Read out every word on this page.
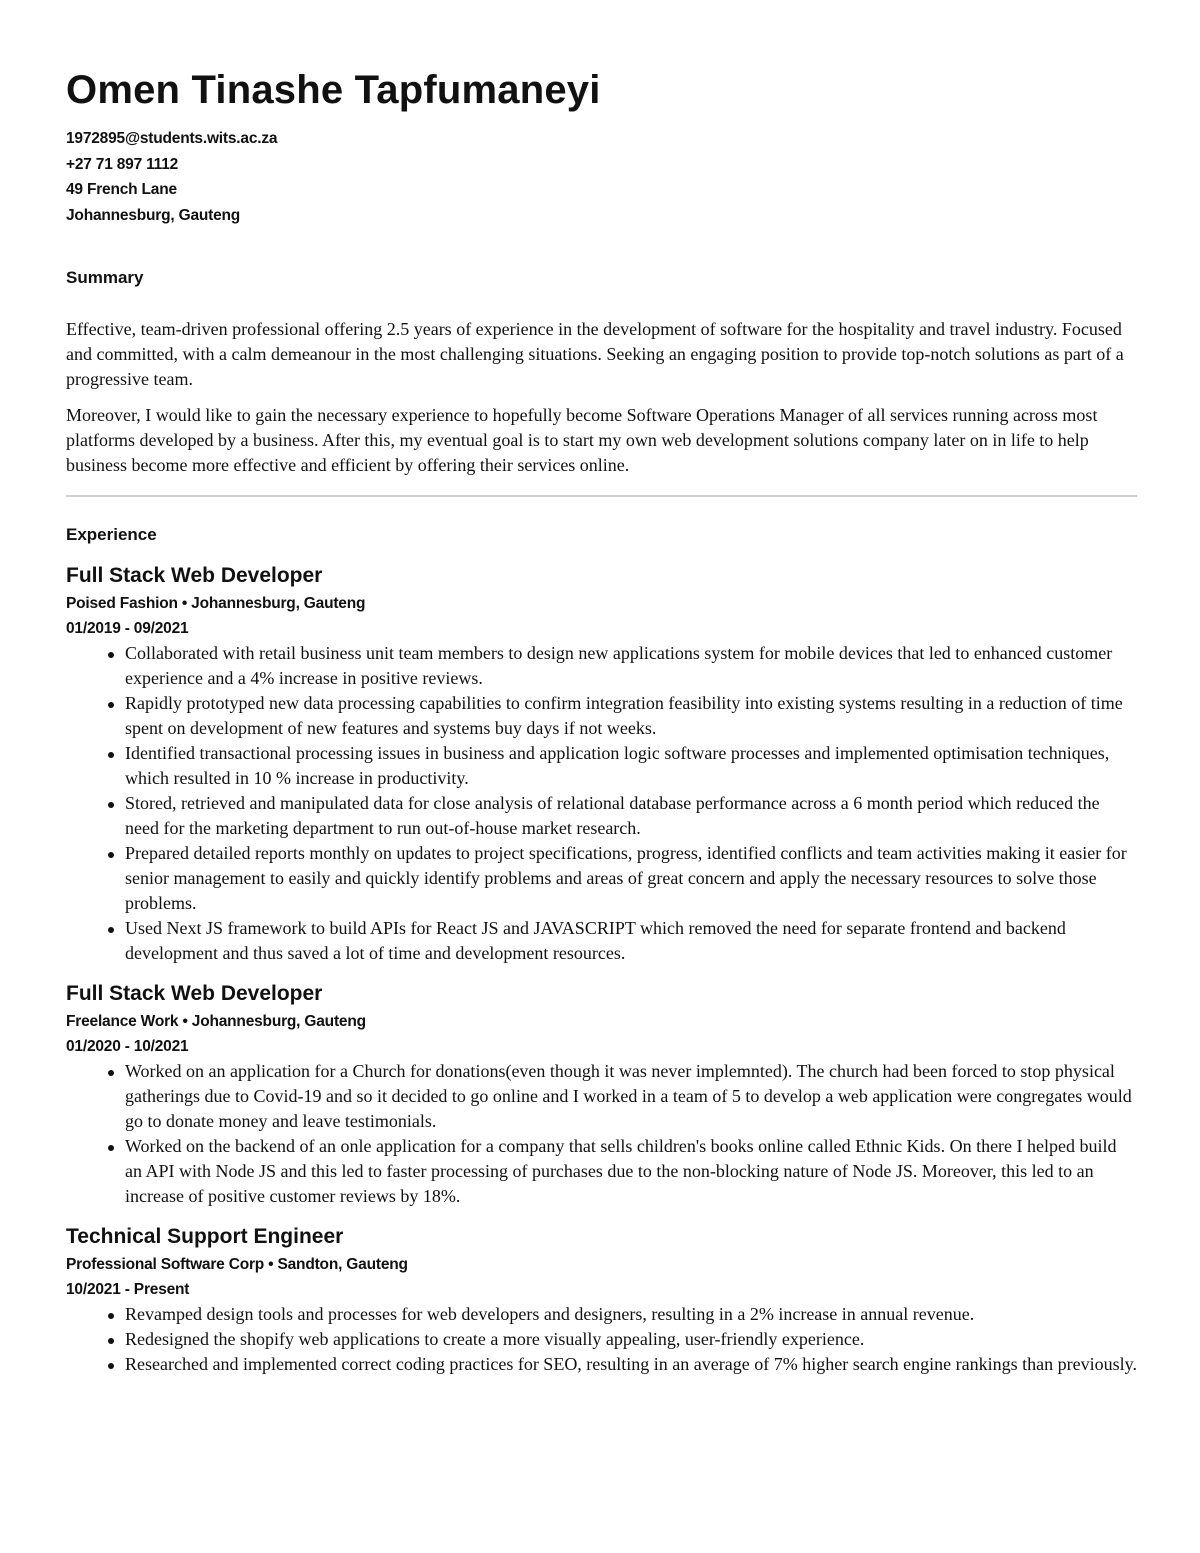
Omen Tinashe Tapfumaneyi
1972895@students.wits.ac.za
+27 71 897 1112
49 French Lane
Johannesburg, Gauteng
Summary

Effective, team-driven professional offering 2.5 years of experience in the development of software for the hospitality and travel industry. Focused and committed, with a calm demeanour in the most challenging situations. Seeking an engaging position to provide top-notch solutions as part of a progressive team.

Moreover, I would like to gain the necessary experience to hopefully become Software Operations Manager of all services running across most platforms developed by a business. After this, my eventual goal is to start my own web development solutions company later on in life to help business become more effective and efficient by offering their services online.

Experience
Full Stack Web Developer
Poised Fashion • Johannesburg, Gauteng
01/2019 - 09/2021
Collaborated with retail business unit team members to design new applications system for mobile devices that led to enhanced customer experience and a 4% increase in positive reviews.
Rapidly prototyped new data processing capabilities to confirm integration feasibility into existing systems resulting in a reduction of time spent on development of new features and systems buy days if not weeks.
Identified transactional processing issues in business and application logic software processes and implemented optimisation techniques, which resulted in 10 % increase in productivity.
Stored, retrieved and manipulated data for close analysis of relational database performance across a 6 month period which reduced the need for the marketing department to run out-of-house market research.
Prepared detailed reports monthly on updates to project specifications, progress, identified conflicts and team activities making it easier for senior management to easily and quickly identify problems and areas of great concern and apply the necessary resources to solve those problems.
Used Next JS framework to build APIs for React JS and JAVASCRIPT which removed the need for separate frontend and backend development and thus saved a lot of time and development resources.
Full Stack Web Developer
Freelance Work • Johannesburg, Gauteng
01/2020 - 10/2021
Worked on an application for a Church for donations(even though it was never implemnted). The church had been forced to stop physical gatherings due to Covid-19 and so it decided to go online and I worked in a team of 5 to develop a web application were congregates would go to donate money and leave testimonials.
Worked on the backend of an onle application for a company that sells children's books online called Ethnic Kids. On there I helped build an API with Node JS and this led to faster processing of purchases due to the non-blocking nature of Node JS. Moreover, this led to an increase of positive customer reviews by 18%.
Technical Support Engineer
Professional Software Corp • Sandton, Gauteng
10/2021 - Present
Revamped design tools and processes for web developers and designers, resulting in a 2% increase in annual revenue.
Redesigned the shopify web applications to create a more visually appealing, user-friendly experience.
Researched and implemented correct coding practices for SEO, resulting in an average of 7% higher search engine rankings than previously.
